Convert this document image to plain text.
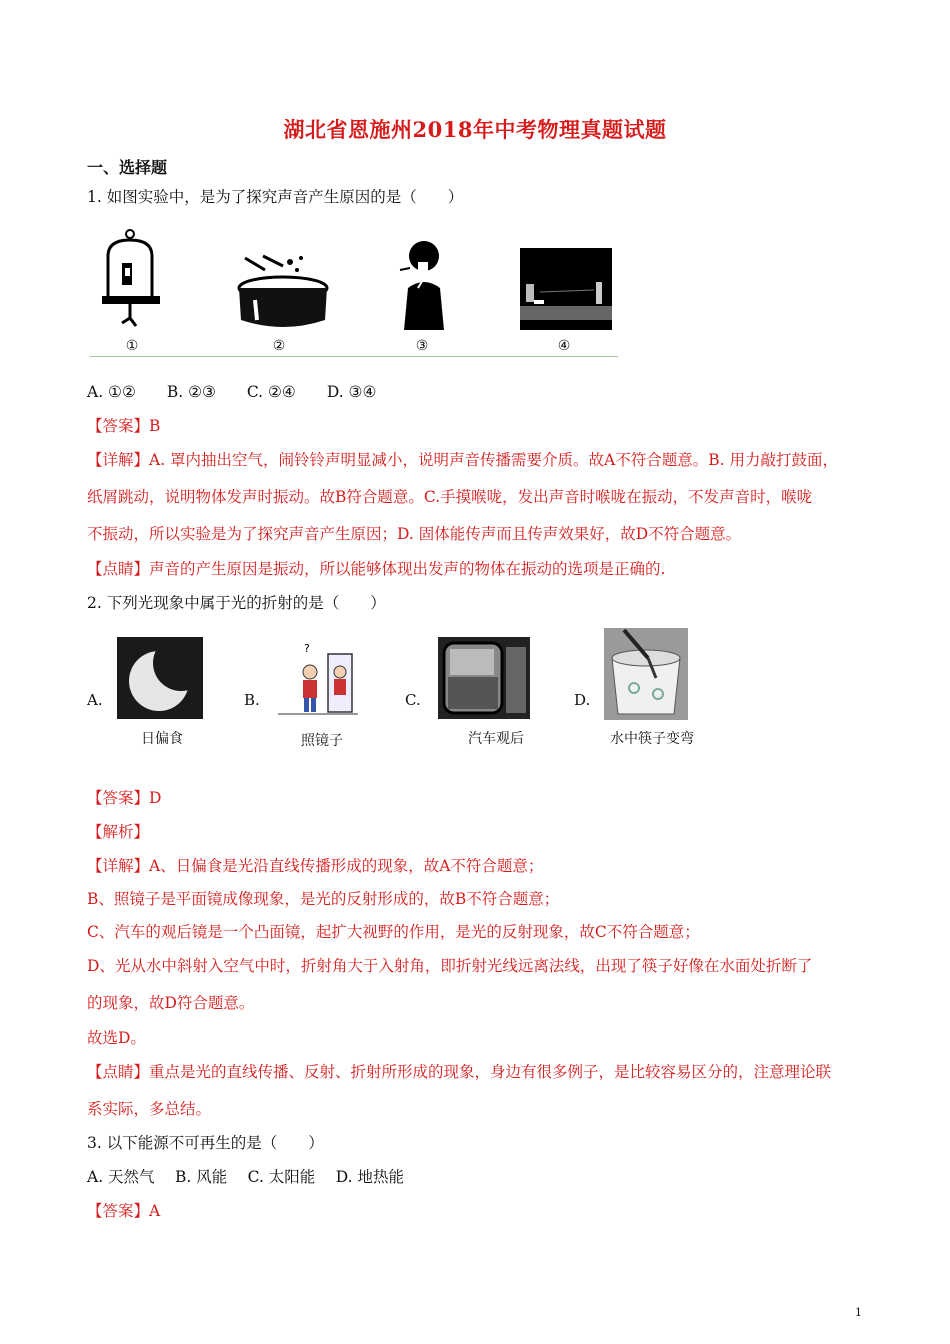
湖北省恩施州2018年中考物理真题试题
一、选择题
1. 如图实验中，是为了探究声音产生原因的是（　　）
①	②	③	④
A. ①②　　B. ②③　　C. ②④　　D. ③④
【答案】B
【详解】A. 罩内抽出空气，闹铃铃声明显减小，说明声音传播需要介质。故A不符合题意。B. 用力敲打鼓面，
纸屑跳动，说明物体发声时振动。故B符合题意。C.手摸喉咙，发出声音时喉咙在振动，不发声音时，喉咙
不振动，所以实验是为了探究声音产生原因；D. 固体能传声而且传声效果好，故D不符合题意。
【点睛】声音的产生原因是振动，所以能够体现出发声的物体在振动的选项是正确的.
2. 下列光现象中属于光的折射的是（　　）
A.
日偏食
B.
?
照镜子
C.
汽车观后
D.
水中筷子变弯
【答案】D
【解析】
【详解】A、日偏食是光沿直线传播形成的现象，故A不符合题意；
B、照镜子是平面镜成像现象，是光的反射形成的，故B不符合题意；
C、汽车的观后镜是一个凸面镜，起扩大视野的作用，是光的反射现象，故C不符合题意；
D、光从水中斜射入空气中时，折射角大于入射角，即折射光线远离法线，出现了筷子好像在水面处折断了
的现象，故D符合题意。
故选D。
【点睛】重点是光的直线传播、反射、折射所形成的现象，身边有很多例子，是比较容易区分的，注意理论联
系实际，多总结。
3. 以下能源不可再生的是（　　）
A. 天然气　 B. 风能　 C. 太阳能　 D. 地热能
【答案】A
1
